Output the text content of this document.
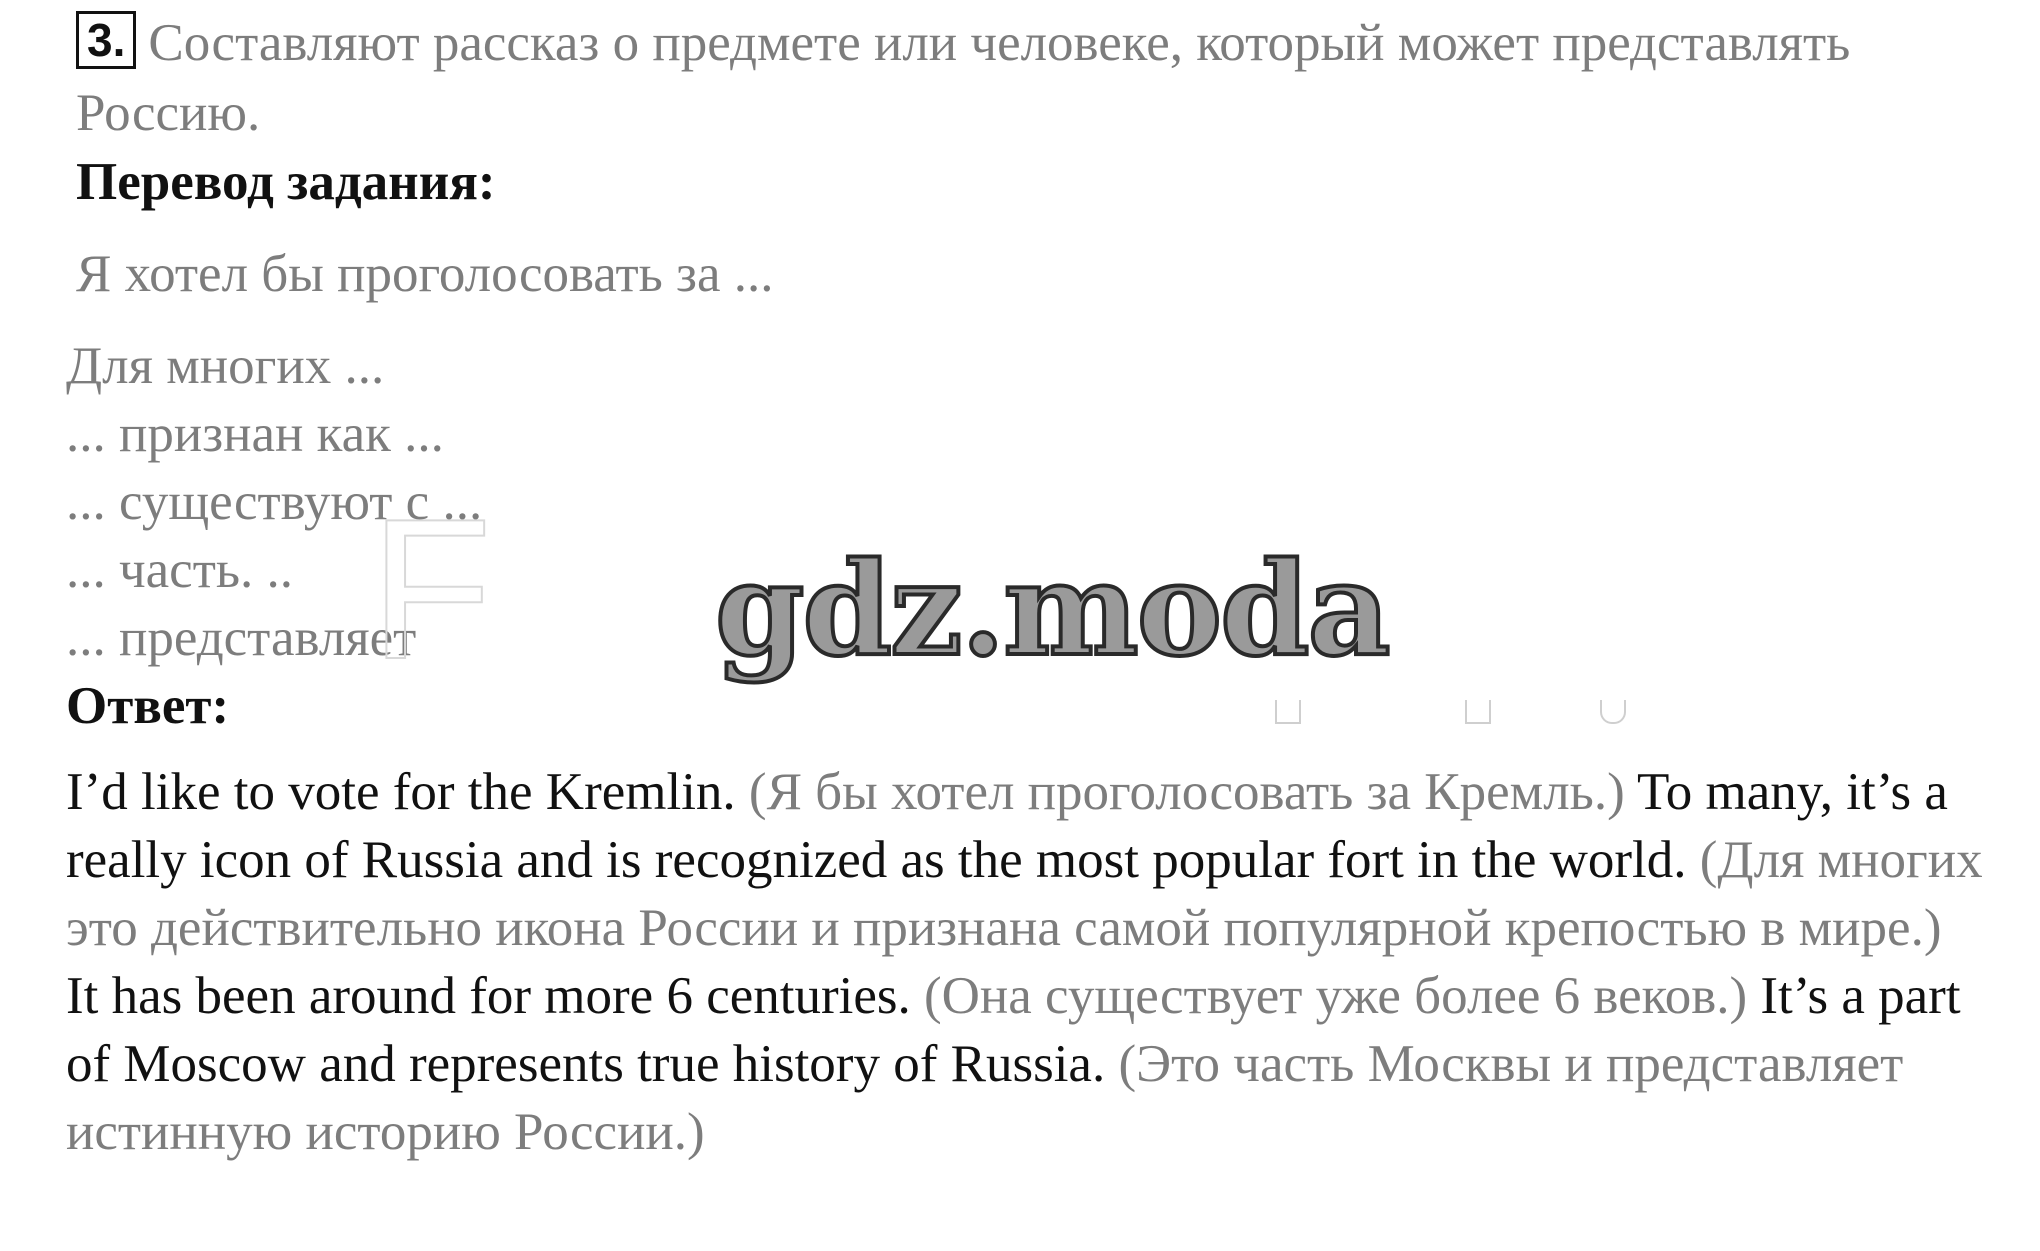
3. Составляют рассказ о предмете или человеке, который может представлять Россию.
Перевод задания:
Я хотел бы проголосовать за ...
Для многих ...
... признан как ...
... существуют с ...
... часть. ..
... представляет
F gdz.moda
Ответ:
I’d like to vote for the Kremlin. (Я бы хотел проголосовать за Кремль.) To many, it’s a really icon of Russia and is recognized as the most popular fort in the world. (Для многих это действительно икона России и признана самой популярной крепостью в мире.) It has been around for more 6 centuries. (Она существует уже более 6 веков.) It’s a part of Moscow and represents true history of Russia. (Это часть Москвы и представляет истинную историю России.)
